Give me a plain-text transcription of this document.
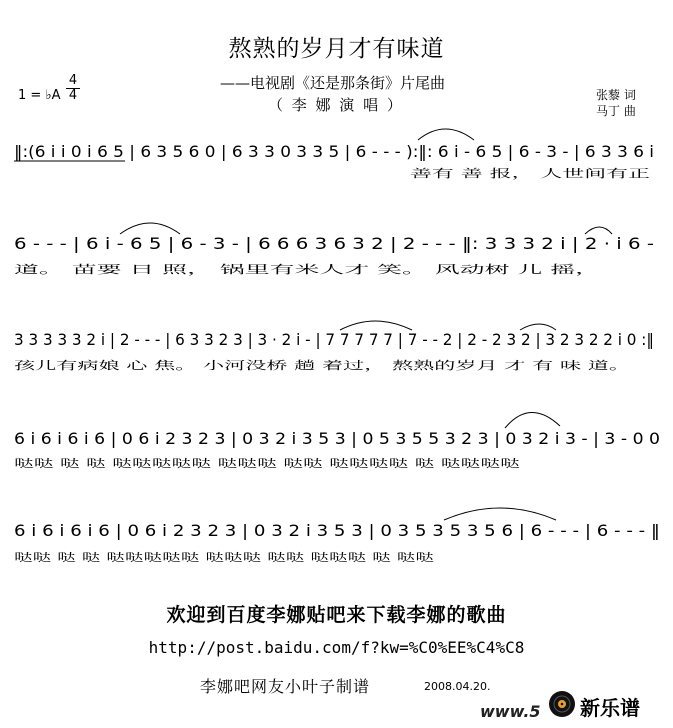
熬熟的岁月才有味道
——电视剧《还是那条街》片尾曲
（ 李 娜 演 唱 ）
张藜 词
马丁 曲
1 = ♭A $\frac{4}{4}$
‖:(6 i i 0 i 6 5 | 6 3 5 6 0 | 6 3 3 0 3 3 5 | 6 - - - ):‖: 6 i - 6 5 | 6 - 3 - | 6 3 3 6 i
善有 善 报， 人世间有正
6 - - - | 6 i - 6 5 | 6 - 3 - | 6 6 6 3 6 3 2 | 2 - - - ‖: 3 3 3 2 i | 2 · i 6 -
道。 苗要 日 照， 锅里有米人才 笑。 风动树 儿 摇，
3 3 3 3 3 2 i | 2 - - - | 6 3 3 2 3 | 3 · 2 i - | 7 7 7 7 7 | 7 - - 2 | 2 - 2 3 2 | 3 2 3 2 2 i 0 :‖
孩儿有病娘 心 焦。 小河没桥 趟 着过， 熬熟的岁月 才 有 味 道。
6 i 6 i 6 i 6 | 0 6 i 2 3 2 3 | 0 3 2 i 3 5 3 | 0 5 3 5 5 3 2 3 | 0 3 2 i 3 - | 3 - 0 0
哒哒 哒 哒 哒哒哒哒哒 哒哒哒 哒哒 哒哒哒哒 哒 哒哒哒哒
6 i 6 i 6 i 6 | 0 6 i 2 3 2 3 | 0 3 2 i 3 5 3 | 0 3 5 3 5 3 5 6 | 6 - - - | 6 - - - ‖
哒哒 哒 哒 哒哒哒哒哒 哒哒哒 哒哒 哒哒哒 哒 哒哒
欢迎到百度李娜贴吧来下载李娜的歌曲
http://post.baidu.com/f?kw=%C0%EE%C4%C8
李娜吧网友小叶子制谱	2008.04.20.
www.5 新乐谱
